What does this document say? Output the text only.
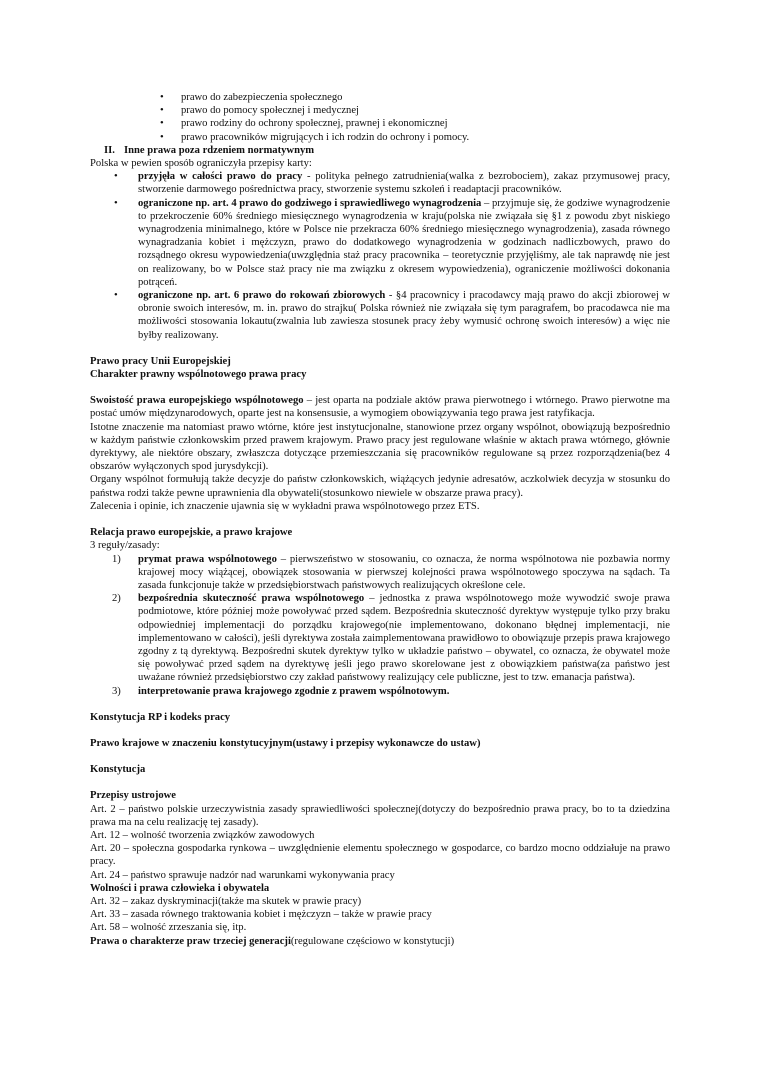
• prawo do zabezpieczenia społecznego
• prawo do pomocy społecznej i medycznej
• prawo rodziny do ochrony społecznej, prawnej i ekonomicznej
• prawo pracowników migrujących i ich rodzin do ochrony i pomocy.

II. Inne prawa poza rdzeniem normatywnym

Polska w pewien sposób ograniczyła przepisy karty:

• przyjęła w całości prawo do pracy - polityka pełnego zatrudnienia(walka z bezrobociem), zakaz przymusowej pracy, stworzenie darmowego pośrednictwa pracy, stworzenie systemu szkoleń i readaptacji pracowników.
• ograniczone np. art. 4 prawo do godziwego i sprawiedliwego wynagrodzenia – przyjmuje się, że godziwe wynagrodzenie to przekroczenie 60% średniego miesięcznego wynagrodzenia w kraju(polska nie związała się §1 z powodu zbyt niskiego wynagrodzenia minimalnego, które w Polsce nie przekracza 60% średniego miesięcznego wynagrodzenia), zasada równego wynagradzania kobiet i mężczyzn, prawo do dodatkowego wynagrodzenia w godzinach nadliczbowych, prawo do rozsądnego okresu wypowiedzenia(uwzględnia staż pracy pracownika – teoretycznie przyjęliśmy, ale tak naprawdę nie jest on realizowany, bo w Polsce staż pracy nie ma związku z okresem wypowiedzenia), ograniczenie możliwości dokonania potrąceń.
• ograniczone np. art. 6 prawo do rokowań zbiorowych - §4 pracownicy i pracodawcy mają prawo do akcji zbiorowej w obronie swoich interesów, m. in. prawo do strajku( Polska również nie związała się tym paragrafem, bo pracodawca nie ma możliwości stosowania lokautu(zwalnia lub zawiesza stosunek pracy żeby wymusić ochronę swoich interesów) a więc nie byłby realizowany.

Prawo pracy Unii Europejskiej

Charakter prawny wspólnotowego prawa pracy

Swoistość prawa europejskiego wspólnotowego – jest oparta na podziale aktów prawa pierwotnego i wtórnego. Prawo pierwotne ma postać umów międzynarodowych, oparte jest na konsensusie, a wymogiem obowiązywania tego prawa jest ratyfikacja.

Istotne znaczenie ma natomiast prawo wtórne, które jest instytucjonalne, stanowione przez organy wspólnot, obowiązują bezpośrednio w każdym państwie członkowskim przed prawem krajowym. Prawo pracy jest regulowane właśnie w aktach prawa wtórnego, głównie dyrektywy, ale niektóre obszary, zwłaszcza dotyczące przemieszczania się pracowników regulowane są przez rozporządzenia(bez 4 obszarów wyłączonych spod jurysdykcji).

Organy wspólnot formułują także decyzje do państw członkowskich, wiążących jedynie adresatów, aczkolwiek decyzja w stosunku do państwa rodzi także pewne uprawnienia dla obywateli(stosunkowo niewiele w obszarze prawa pracy).

Zalecenia i opinie, ich znaczenie ujawnia się w wykładni prawa wspólnotowego przez ETS.

Relacja prawo europejskie, a prawo krajowe

3 reguły/zasady:

1) prymat prawa wspólnotowego – pierwszeństwo w stosowaniu, co oznacza, że norma wspólnotowa nie pozbawia normy krajowej mocy wiążącej, obowiązek stosowania w pierwszej kolejności prawa wspólnotowego spoczywa na sądach. Ta zasada funkcjonuje także w przedsiębiorstwach państwowych realizujących określone cele.
2) bezpośrednia skuteczność prawa wspólnotowego – jednostka z prawa wspólnotowego może wywodzić swoje prawa podmiotowe, które później może powoływać przed sądem. Bezpośrednia skuteczność dyrektyw występuje tylko przy braku odpowiedniej implementacji do porządku krajowego(nie implementowano, dokonano błędnej implementacji, nie implementowano w całości), jeśli dyrektywa została zaimplementowana prawidłowo to obowiązuje przepis prawa krajowego zgodny z tą dyrektywą. Bezpośredni skutek dyrektyw tylko w układzie państwo – obywatel, co oznacza, że obywatel może się powoływać przed sądem na dyrektywę jeśli jego prawo skorelowane jest z obowiązkiem państwa(za państwo jest uważane również przedsiębiorstwo czy zakład państwowy realizujący cele publiczne, jest to tzw. emanacja państwa).
3) interpretowanie prawa krajowego zgodnie z prawem wspólnotowym.

Konstytucja RP i kodeks pracy

Prawo krajowe w znaczeniu konstytucyjnym(ustawy i przepisy wykonawcze do ustaw)

Konstytucja

Przepisy ustrojowe

Art. 2 – państwo polskie urzeczywistnia zasady sprawiedliwości społecznej(dotyczy do bezpośrednio prawa pracy, bo to ta dziedzina prawa ma na celu realizację tej zasady).

Art. 12 – wolność tworzenia związków zawodowych

Art. 20 – społeczna gospodarka rynkowa – uwzględnienie elementu społecznego w gospodarce, co bardzo mocno oddziałuje na prawo pracy.

Art. 24 – państwo sprawuje nadzór nad warunkami wykonywania pracy

Wolności i prawa człowieka i obywatela

Art. 32 – zakaz dyskryminacji(także ma skutek w prawie pracy)

Art. 33 – zasada równego traktowania kobiet i mężczyzn – także w prawie pracy

Art. 58 – wolność zrzeszania się, itp.

Prawa o charakterze praw trzeciej generacji(regulowane częściowo w konstytucji)
